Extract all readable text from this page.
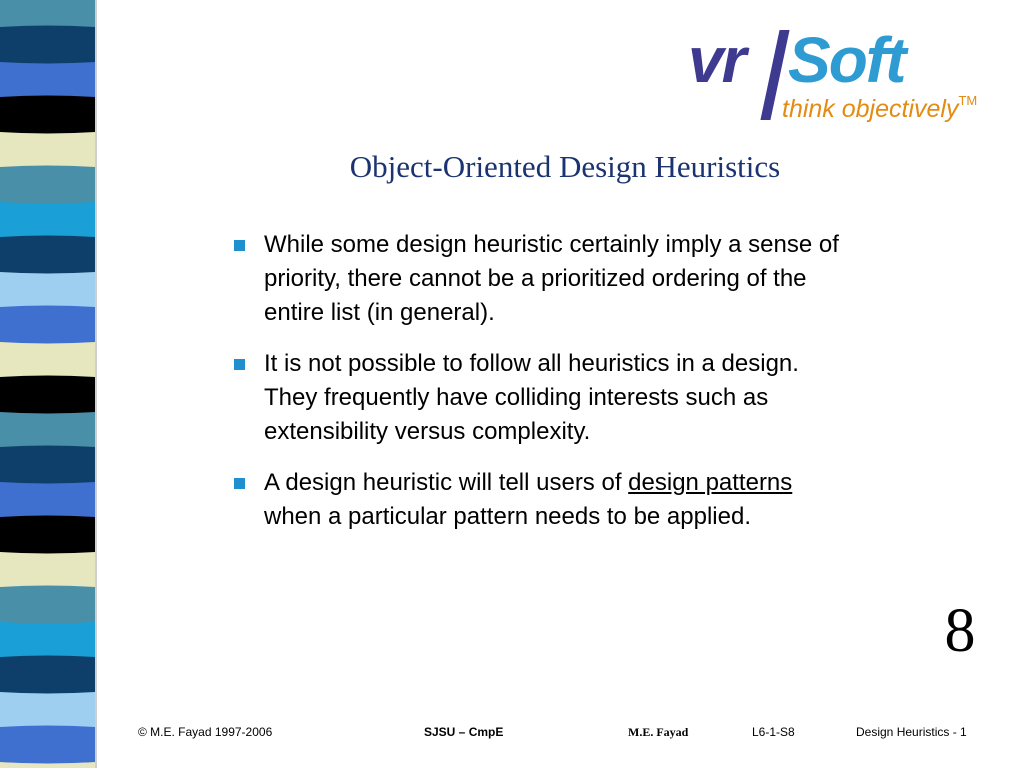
vr Soft
think objectively™
Object-Oriented Design Heuristics
While some design heuristic certainly imply a sense of priority, there cannot be a prioritized ordering of the entire list (in general).
It is not possible to follow all heuristics in a design. They frequently have colliding interests such as extensibility versus complexity.
A design heuristic will tell users of design patterns when a particular pattern needs to be applied.
8
© M.E. Fayad 1997-2006	SJSU – CmpE	M.E. Fayad	L6-1-S8	Design Heuristics - 1
